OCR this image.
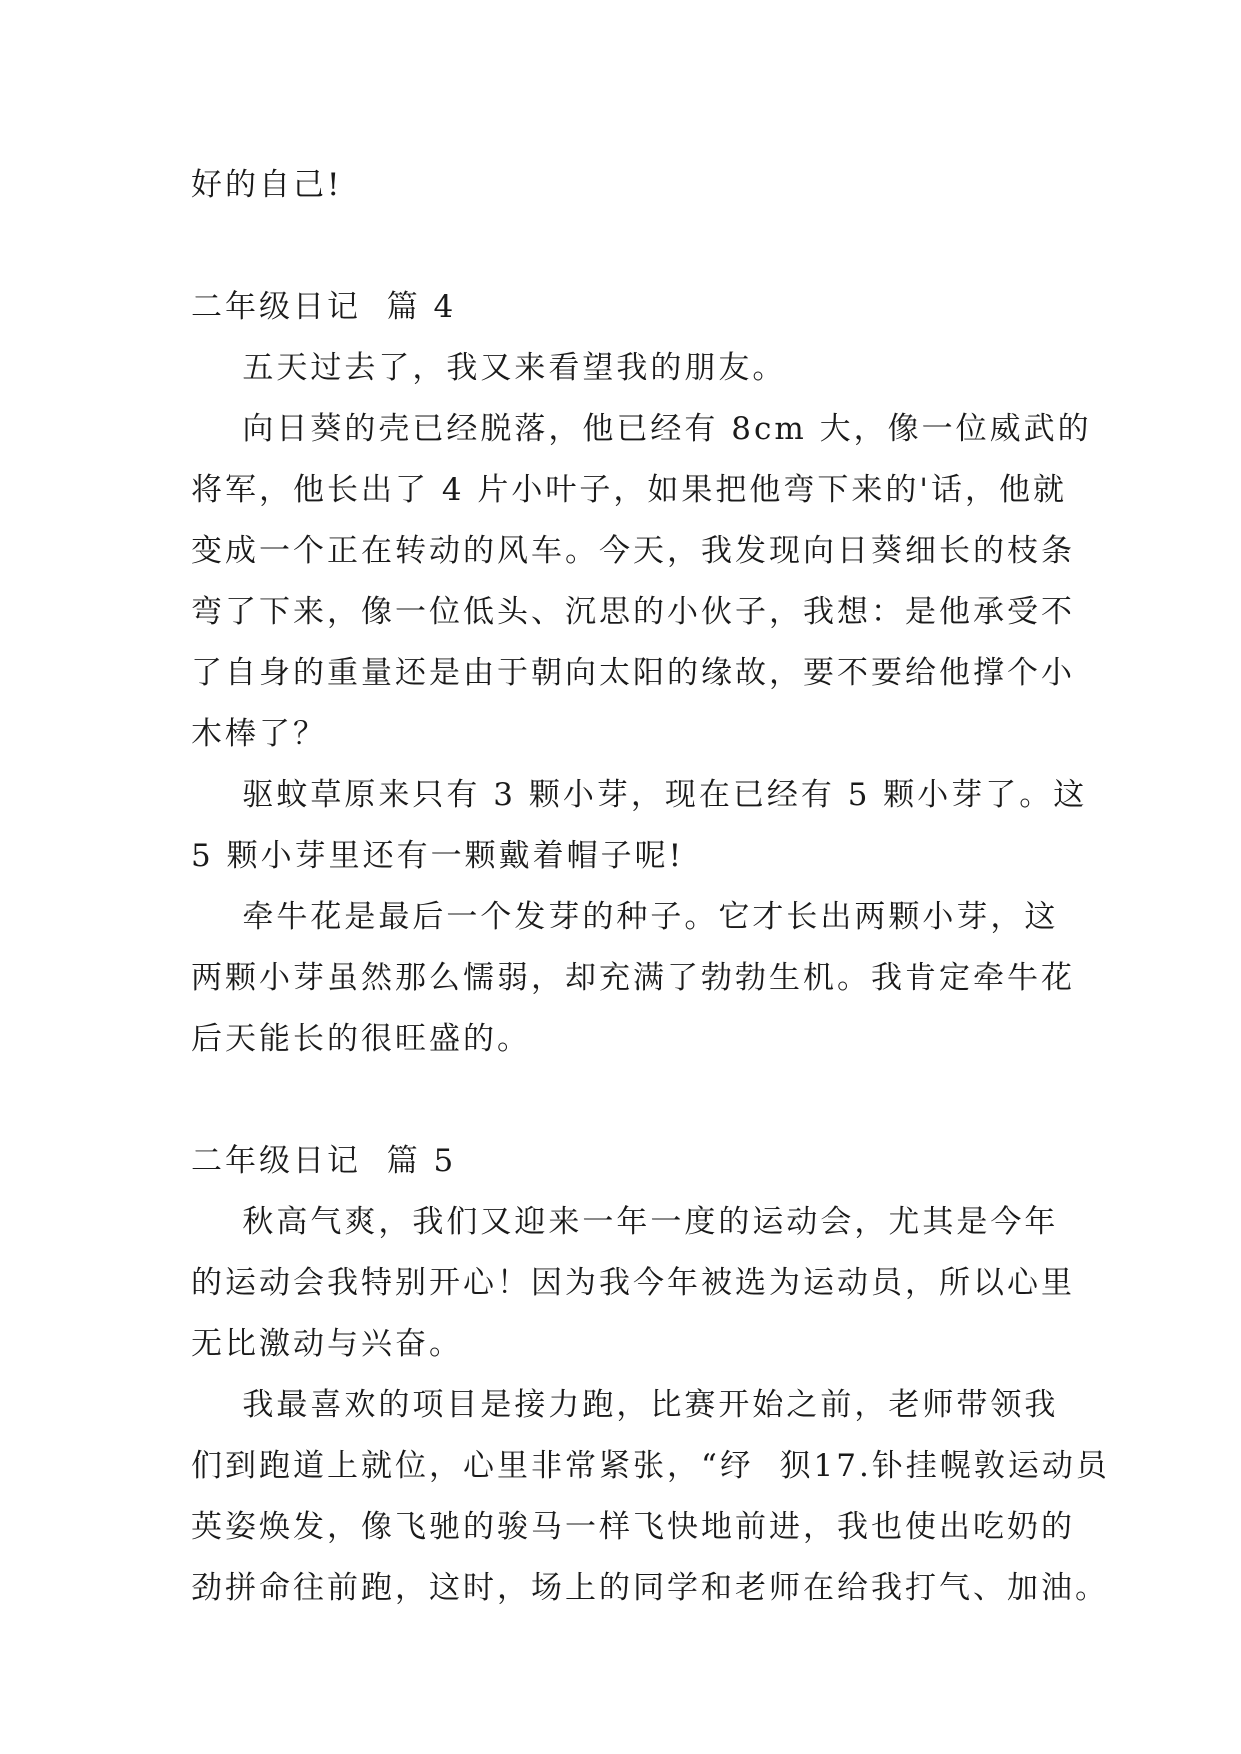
好的自己!
二年级日记  篇 4
五天过去了，我又来看望我的朋友。
向日葵的壳已经脱落，他已经有 8cm 大，像一位威武的
将军，他长出了 4 片小叶子，如果把他弯下来的'话，他就
变成一个正在转动的风车。今天，我发现向日葵细长的枝条
弯了下来，像一位低头、沉思的小伙子，我想：是他承受不
了自身的重量还是由于朝向太阳的缘故，要不要给他撑个小
木棒了？
驱蚊草原来只有 3 颗小芽，现在已经有 5 颗小芽了。这
5 颗小芽里还有一颗戴着帽子呢!
牵牛花是最后一个发芽的种子。它才长出两颗小芽，这
两颗小芽虽然那么懦弱，却充满了勃勃生机。我肯定牵牛花
后天能长的很旺盛的。
二年级日记  篇 5
秋高气爽，我们又迎来一年一度的运动会，尤其是今年
的运动会我特别开心！因为我今年被选为运动员，所以心里
无比激动与兴奋。
我最喜欢的项目是接力跑，比赛开始之前，老师带领我
们到跑道上就位，心里非常紧张，“纾  狈17.钋挂幌敦运动员
英姿焕发，像飞驰的骏马一样飞快地前进，我也使出吃奶的
劲拼命往前跑，这时，场上的同学和老师在给我打气、加油。
